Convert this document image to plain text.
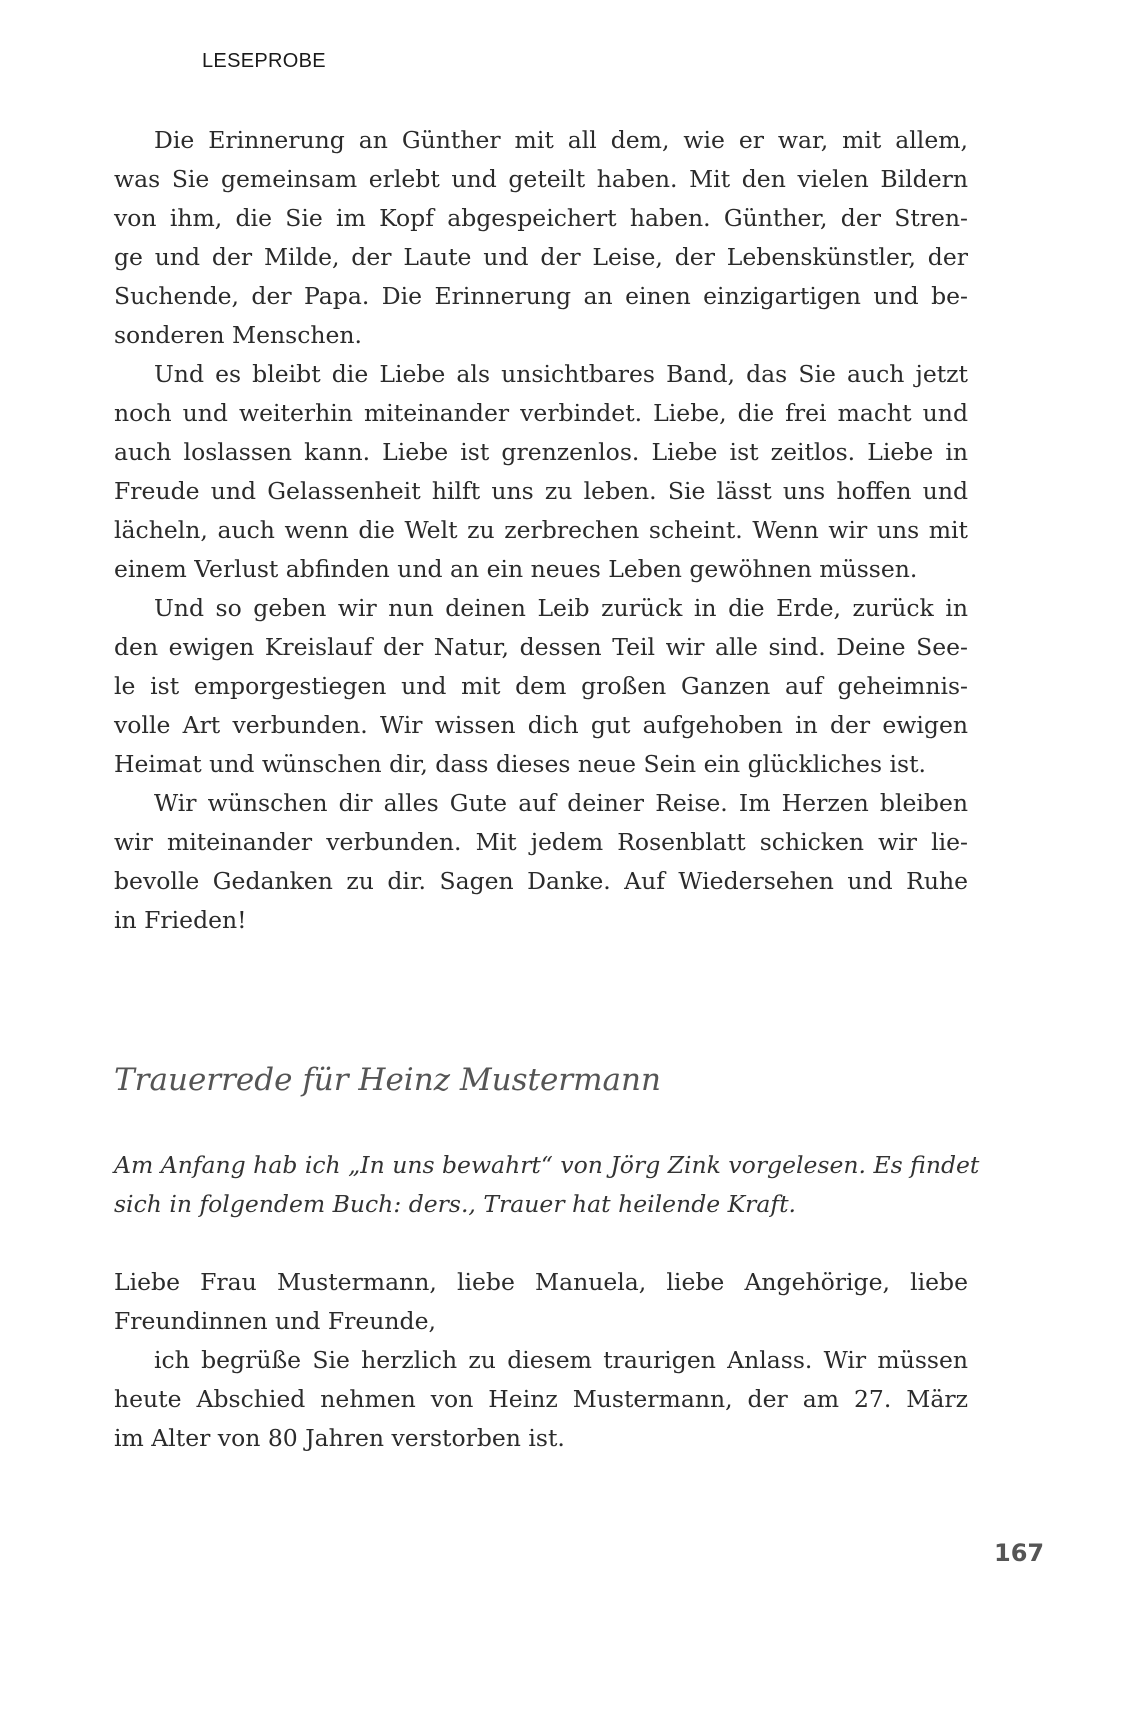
LESEPROBE
Die Erinnerung an Günther mit all dem, wie er war, mit allem,
was Sie gemeinsam erlebt und geteilt haben. Mit den vielen Bildern
von ihm, die Sie im Kopf abgespeichert haben. Günther, der Stren-
ge und der Milde, der Laute und der Leise, der Lebenskünstler, der
Suchende, der Papa. Die Erinnerung an einen einzigartigen und be-
sonderen Menschen.
Und es bleibt die Liebe als unsichtbares Band, das Sie auch jetzt
noch und weiterhin miteinander verbindet. Liebe, die frei macht und
auch loslassen kann. Liebe ist grenzenlos. Liebe ist zeitlos. Liebe in
Freude und Gelassenheit hilft uns zu leben. Sie lässt uns hoffen und
lächeln, auch wenn die Welt zu zerbrechen scheint. Wenn wir uns mit
einem Verlust abfinden und an ein neues Leben gewöhnen müssen.
Und so geben wir nun deinen Leib zurück in die Erde, zurück in
den ewigen Kreislauf der Natur, dessen Teil wir alle sind. Deine See-
le ist emporgestiegen und mit dem großen Ganzen auf geheimnis-
volle Art verbunden. Wir wissen dich gut aufgehoben in der ewigen
Heimat und wünschen dir, dass dieses neue Sein ein glückliches ist.
Wir wünschen dir alles Gute auf deiner Reise. Im Herzen bleiben
wir miteinander verbunden. Mit jedem Rosenblatt schicken wir lie-
bevolle Gedanken zu dir. Sagen Danke. Auf Wiedersehen und Ruhe
in Frieden!
Trauerrede für Heinz Mustermann
Am Anfang hab ich „In uns bewahrt“ von Jörg Zink vorgelesen. Es findet
sich in folgendem Buch: ders., Trauer hat heilende Kraft.
Liebe Frau Mustermann, liebe Manuela, liebe Angehörige, liebe
Freundinnen und Freunde,
ich begrüße Sie herzlich zu diesem traurigen Anlass. Wir müssen
heute Abschied nehmen von Heinz Mustermann, der am 27. März
im Alter von 80 Jahren verstorben ist.
167
